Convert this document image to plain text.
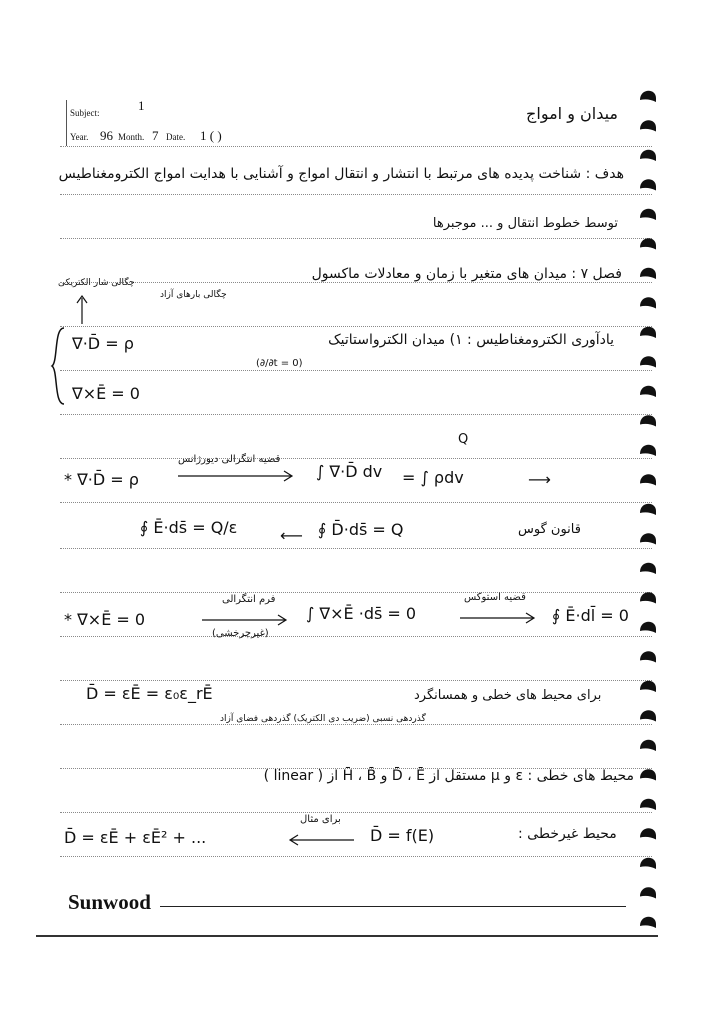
Subject:	1
Year. 96 Month. 7 Date. 1 ( )
میدان و امواج
هدف : شناخت پدیده های مرتبط با انتشار و انتقال امواج و آشنایی با هدایت امواج الکترومغناطیس
توسط خطوط انتقال و ... موجبرها
فصل ۷ : میدان های متغیر با زمان و معادلات ماکسول
چگالی شار الکتریکی
چگالی بارهای آزاد
∇·D̄ = ρ	یادآوری الکترومغناطیس : ۱) میدان الکترواستاتیک
(∂/∂t = 0)
∇×Ē = 0
قضیه انتگرالی دیورژانس
* ∇·D̄ = ρ	∫ ∇·D̄ dv = ∫ ρdv
Q
⟶
∮ Ē·ds̄ = Q/ε	⟵ ∮ D̄·ds̄ = Q	قانون گوس
* ∇×Ē = 0
فرم انتگرالی
(غیرچرخشی)
∫ ∇×Ē ·ds̄ = 0
قضیه استوکس
∮ Ē·dl̄ = 0
D̄ = εĒ = ε₀ε_rĒ	برای محیط های خطی و همسانگرد
گذردهی نسبی (ضریب دی الکتریک) گذردهی فضای آزاد
محیط های خطی : ε و μ مستقل از D̄ ، Ē و H̄ ، B̄ از ( linear )
D̄ = εĒ + εĒ² + ...
برای مثال
D̄ = f(E)	محیط غیرخطی :
Sunwood
